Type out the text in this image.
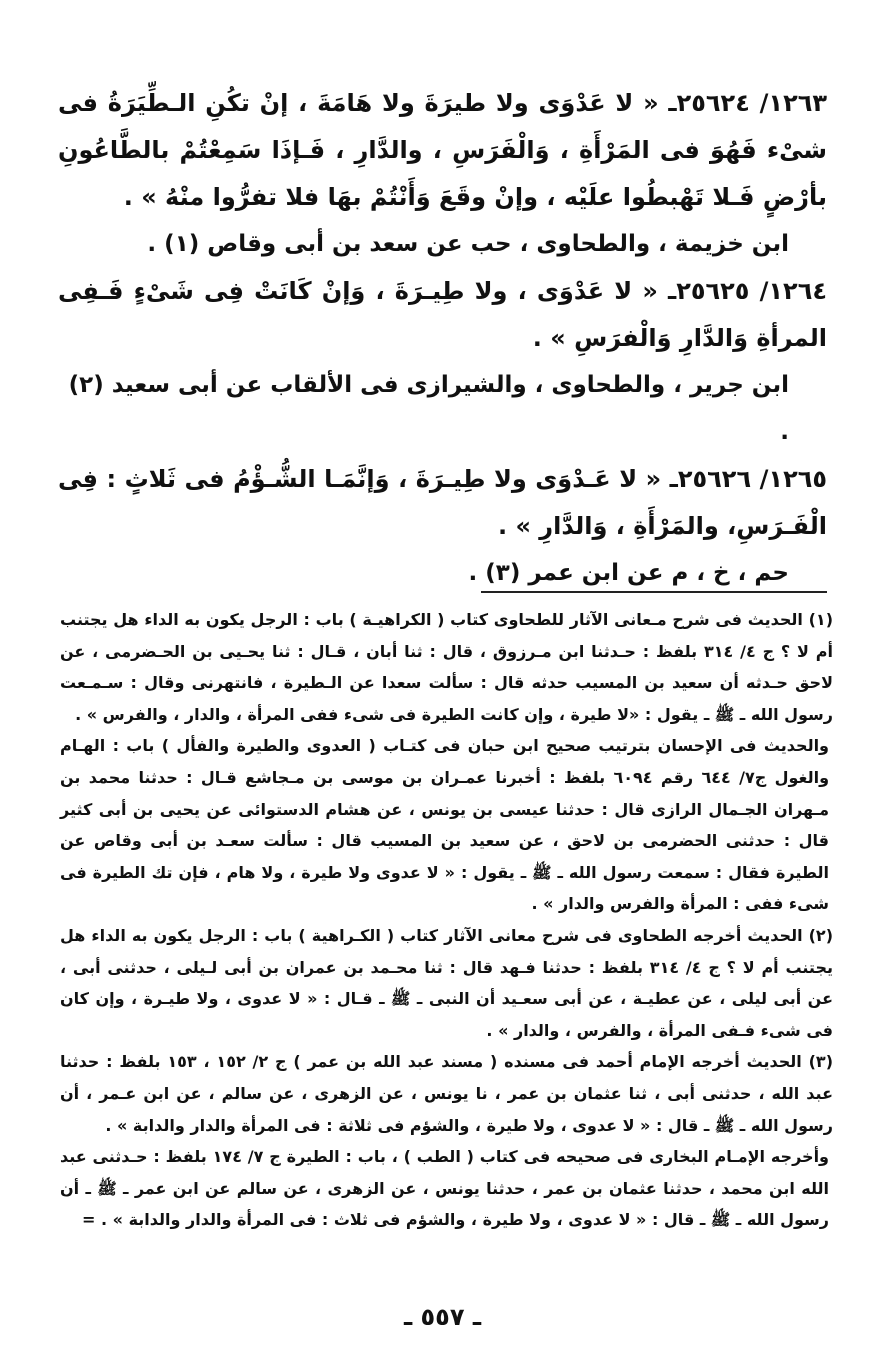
١٢٦٣/ ٢٥٦٢٤ـ « لا عَدْوَى ولا طيرَةَ ولا هَامَةَ ، إنْ تكُنِ الـطِّيَرَةُ فى شىْء فَهُوَ فى المَرْأَةِ ، وَالْفَرَسِ ، والدَّارِ ، فَـإذَا سَمِعْتُمْ بالطَّاعُونِ بأرْضٍ فَـلا تَهْبطُوا علَيْه ، وإنْ وقَعَ وَأَنْتُمْ بهَا فلا تفرُّوا منْهُ » .

ابن خزيمة ، والطحاوى ، حب عن سعد بن أبى وقاص (١) .

١٢٦٤/ ٢٥٦٢٥ـ « لا عَدْوَى ، ولا طِيـرَةَ ، وَإنْ كَانَتْ فِى شَىْءٍ فَـفِى المرأةِ وَالدَّارِ وَالْفرَسِ » .

ابن جرير ، والطحاوى ، والشيرازى فى الألقاب عن أبى سعيد (٢) .

١٢٦٥/ ٢٥٦٢٦ـ « لا عَـدْوَى ولا طِيـرَةَ ، وَإنَّمَـا الشُّـؤْمُ فى ثَلاثٍ : فِى الْفَـرَسِ، والمَرْأَةِ ، وَالدَّارِ » .

حم ، خ ، م عن ابن عمر (٣) .

(١) الحديث فى شرح مـعانى الآثار للطحاوى كتاب ( الكراهيـة ) باب : الرجل يكون به الداء هل يجتنب أم لا ؟ ج ٤/ ٣١٤ بلفظ : حـدثنا ابن مـرزوق ، قال : ثنا أبان ، قـال : ثنا يحـيى بن الحـضرمى ، عن لاحق حـدثه أن سعيد بن المسيب حدثه قال : سألت سعدا عن الـطيرة ، فانتهرنى وقال : سـمـعت رسول الله ـ ﷺ ـ يقول : «لا طيرة ، وإن كانت الطيرة فى شىء ففى المرأة ، والدار ، والفرس » .

والحديث فى الإحسان بترتيب صحيح ابن حبان فى كتـاب ( العدوى والطيرة والفأل ) باب : الهـام والغول ج٧/ ٦٤٤ رقم ٦٠٩٤ بلفظ : أخبرنا عمـران بن موسى بن مـجاشع قـال : حدثنا محمد بن مـهران الجـمال الرازى قال : حدثنا عيسى بن يونس ، عن هشام الدستوائى عن يحيى بن أبى كثير قال : حدثنى الحضرمى بن لاحق ، عن سعيد بن المسيب قال : سألت سعـد بن أبى وقاص عن الطيرة فقال : سمعت رسول الله ـ ﷺ ـ يقول : « لا عدوى ولا طيرة ، ولا هام ، فإن تك الطيرة فى شىء ففى : المرأة والفرس والدار » .

(٢) الحديث أخرجه الطحاوى فى شرح معانى الآثار كتاب ( الكـراهية ) باب : الرجل يكون به الداء هل يجتنب أم لا ؟ ج ٤/ ٣١٤ بلفظ : حدثنا فـهد قال : ثنا محـمد بن عمران بن أبى لـيلى ، حدثنى أبى ، عن أبى ليلى ، عن عطيـة ، عن أبى سعـيد أن النبى ـ ﷺ ـ قـال : « لا عدوى ، ولا طيـرة ، وإن كان فى شىء فـفى المرأة ، والفرس ، والدار » .

(٣) الحديث أخرجه الإمام أحمد فى مسنده ( مسند عبد الله بن عمر ) ج ٢/ ١٥٢ ، ١٥٣ بلفظ : حدثنا عبد الله ، حدثنى أبى ، ثنا عثمان بن عمر ، نا يونس ، عن الزهرى ، عن سالم ، عن ابن عـمر ، أن رسول الله ـ ﷺ ـ قال : « لا عدوى ، ولا طيرة ، والشؤم فى ثلاثة : فى المرأة والدار والدابة » .

وأخرجه الإمـام البخارى فى صحيحه فى كتاب ( الطب ) ، باب : الطيرة ج ٧/ ١٧٤ بلفظ : حـدثنى عبد الله ابن محمد ، حدثنا عثمان بن عمر ، حدثنا يونس ، عن الزهرى ، عن سالم عن ابن عمر ـ ﷺ ـ أن رسول الله ـ ﷺ ـ قال : « لا عدوى ، ولا طيرة ، والشؤم فى ثلاث : فى المرأة والدار والدابة » . =

ـ ٥٥٧ ـ
